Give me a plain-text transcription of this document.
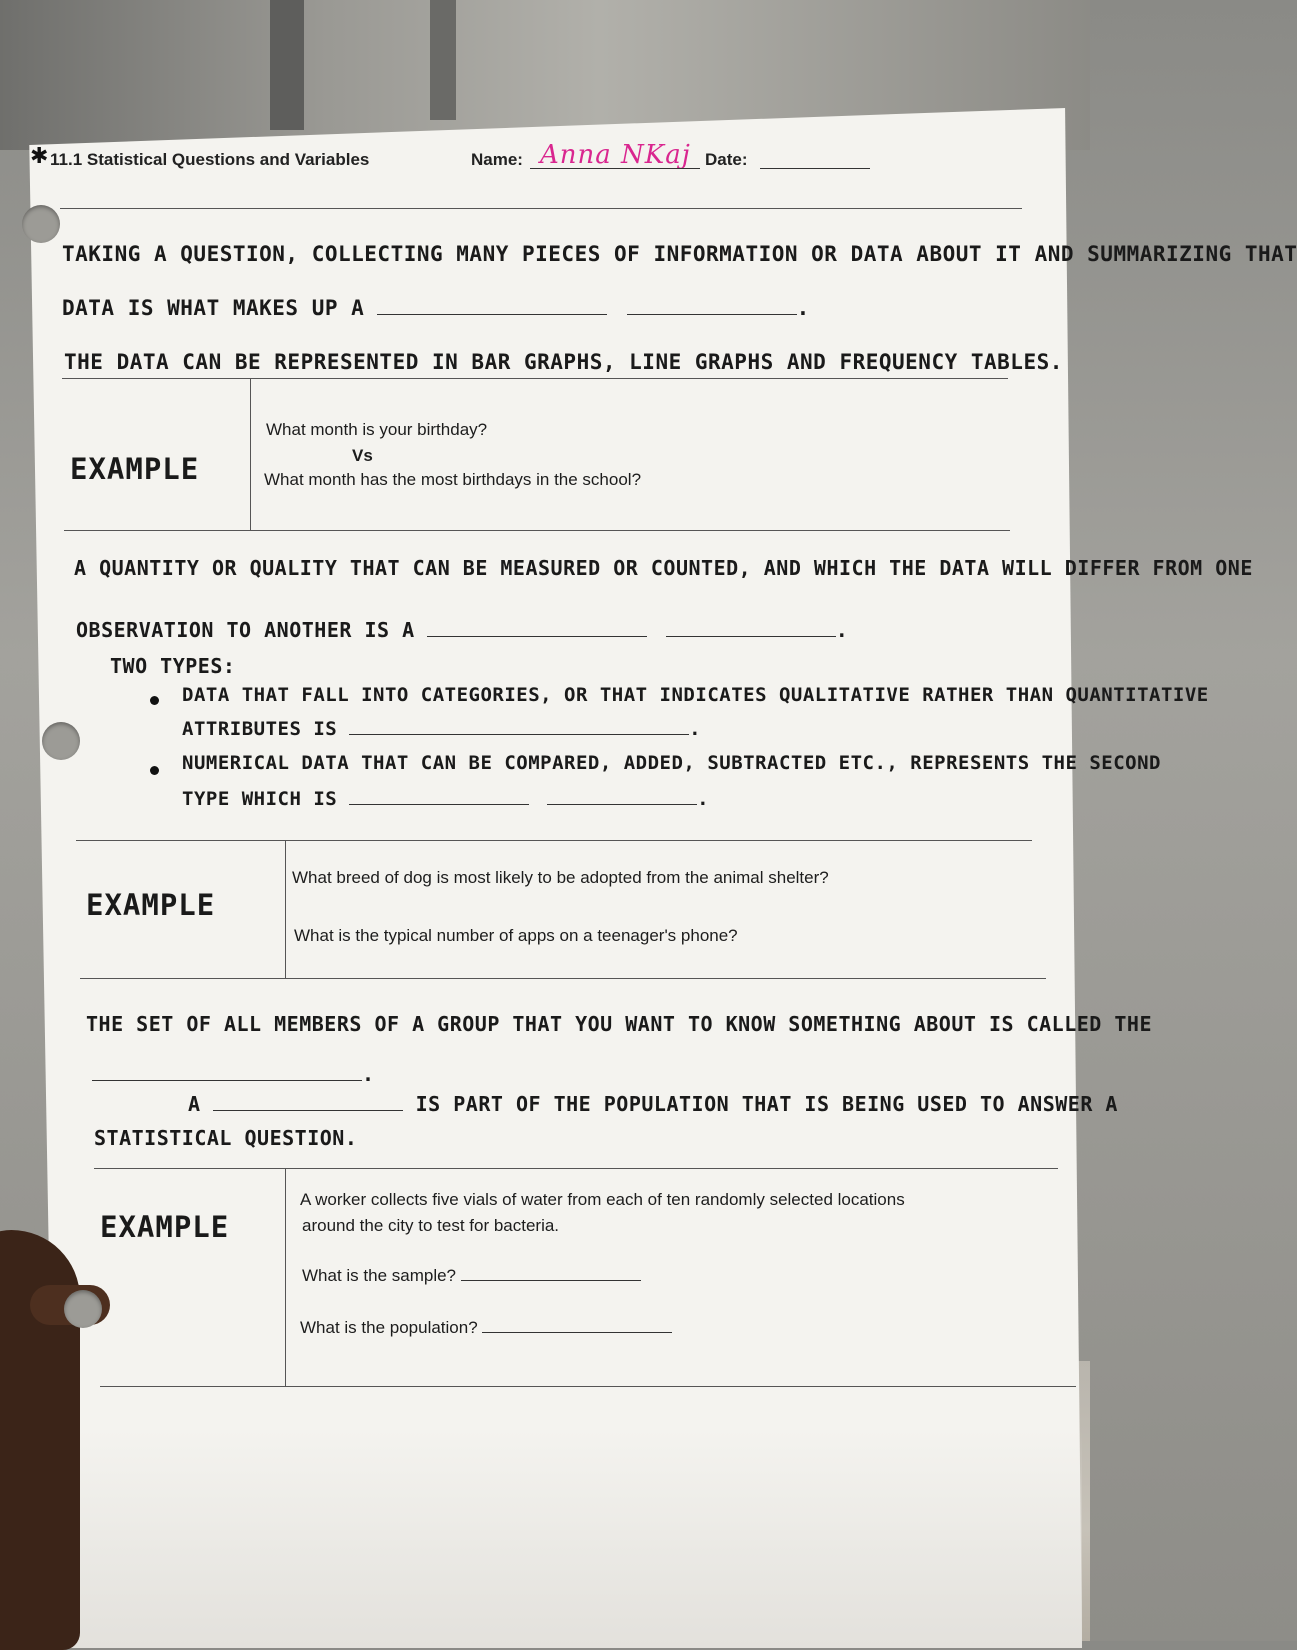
✱ 11.1 Statistical Questions and Variables	Name: Anna NKaj Date:
TAKING A QUESTION, COLLECTING MANY PIECES OF INFORMATION OR DATA ABOUT IT AND SUMMARIZING THAT
DATA IS WHAT MAKES UP A	.
THE DATA CAN BE REPRESENTED IN BAR GRAPHS, LINE GRAPHS AND FREQUENCY TABLES.
EXAMPLE
What month is your birthday?
Vs
What month has the most birthdays in the school?
A QUANTITY OR QUALITY THAT CAN BE MEASURED OR COUNTED, AND WHICH THE DATA WILL DIFFER FROM ONE
OBSERVATION TO ANOTHER IS A	.
TWO TYPES:
DATA THAT FALL INTO CATEGORIES, OR THAT INDICATES QUALITATIVE RATHER THAN QUANTITATIVE
ATTRIBUTES IS	.
NUMERICAL DATA THAT CAN BE COMPARED, ADDED, SUBTRACTED ETC., REPRESENTS THE SECOND
TYPE WHICH IS	.
EXAMPLE
What breed of dog is most likely to be adopted from the animal shelter?
What is the typical number of apps on a teenager's phone?
THE SET OF ALL MEMBERS OF A GROUP THAT YOU WANT TO KNOW SOMETHING ABOUT IS CALLED THE
.
A	IS PART OF THE POPULATION THAT IS BEING USED TO ANSWER A
STATISTICAL QUESTION.
EXAMPLE
A worker collects five vials of water from each of ten randomly selected locations
around the city to test for bacteria.
What is the sample?
What is the population?
